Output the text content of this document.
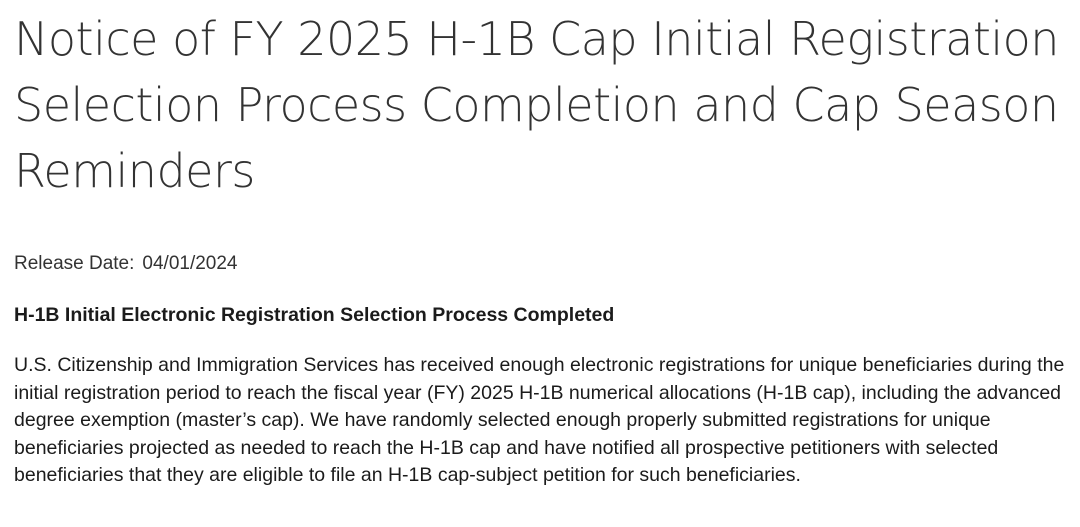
Notice of FY 2025 H-1B Cap Initial Registration Selection Process Completion and Cap Season Reminders
Release Date: 04/01/2024
H-1B Initial Electronic Registration Selection Process Completed

U.S. Citizenship and Immigration Services has received enough electronic registrations for unique beneficiaries during the initial registration period to reach the fiscal year (FY) 2025 H-1B numerical allocations (H-1B cap), including the advanced degree exemption (master’s cap). We have randomly selected enough properly submitted registrations for unique beneficiaries projected as needed to reach the H-1B cap and have notified all prospective petitioners with selected beneficiaries that they are eligible to file an H-1B cap-subject petition for such beneficiaries.
